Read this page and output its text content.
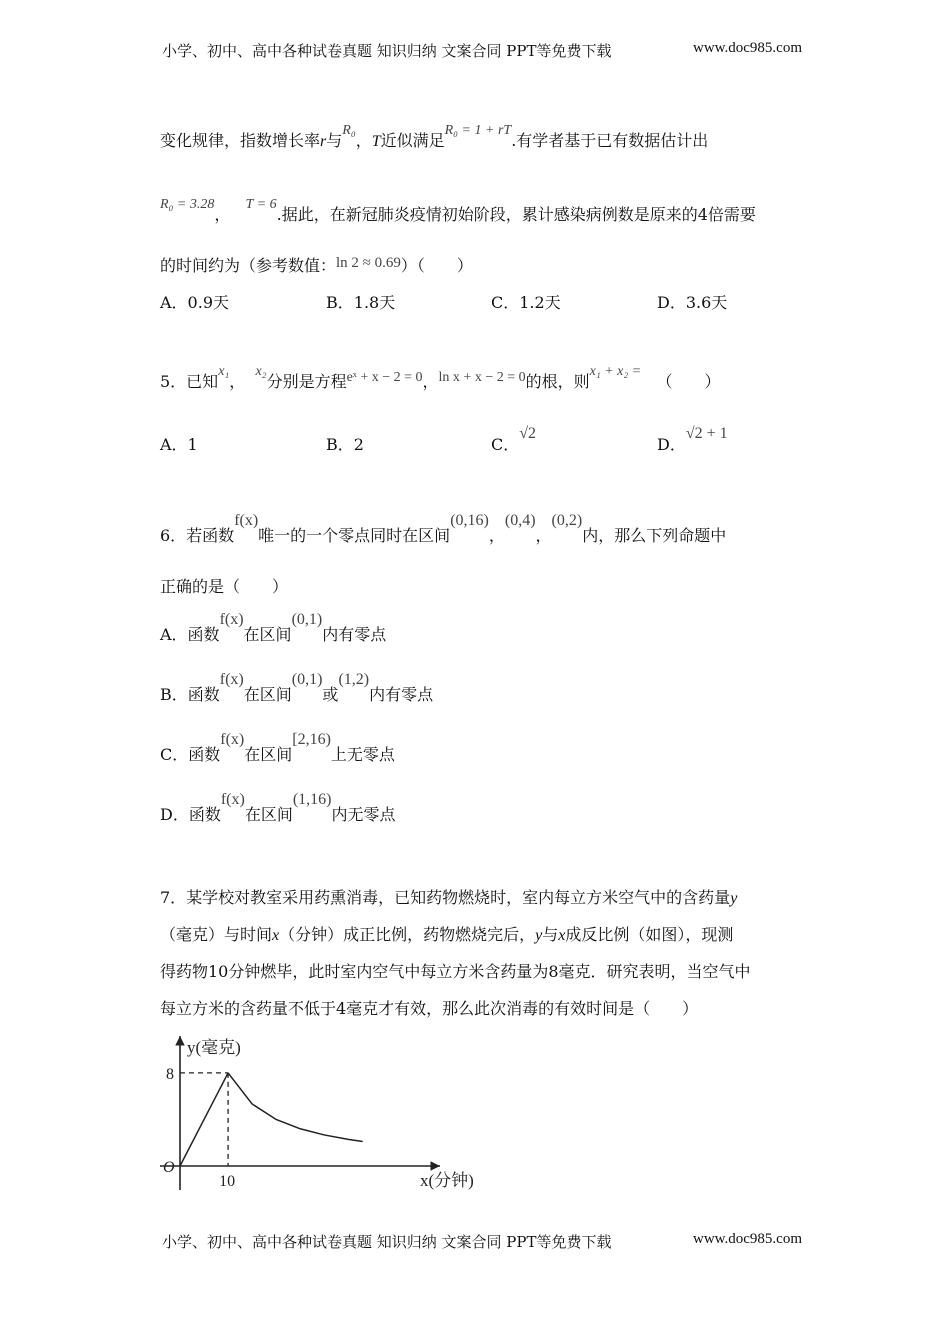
小学、初中、高中各种试卷真题 知识归纳 文案合同 PPT等免费下载	www.doc985.com
变化规律，指数增长率r与R₀，T近似满足R₀ = 1 + rT.有学者基于已有数据估计出
R₀ = 3.28，   T = 6.据此，在新冠肺炎疫情初始阶段，累计感染病例数是原来的4倍需要
的时间约为（参考数值：ln 2 ≈ 0.69）（　　）
A．0.9天	B．1.8天	C．1.2天	D．3.6天
5．已知x₁，  x₂分别是方程eˣ + x − 2 = 0，ln x + x − 2 = 0的根，则x₁ + x₂ =   （　　）
A．1	B．2	C．√2
D．√2 + 1
6．若函数f(x)唯一的一个零点同时在区间(0,16)，(0,4)，(0,2)内，那么下列命题中
正确的是（　　）
A．函数f(x)在区间(0,1)内有零点
B．函数f(x)在区间(0,1)或(1,2)内有零点
C．函数f(x)在区间[2,16)上无零点
D．函数f(x)在区间(1,16)内无零点
7．某学校对教室采用药熏消毒，已知药物燃烧时，室内每立方米空气中的含药量y
（毫克）与时间x（分钟）成正比例，药物燃烧完后，y与x成反比例（如图），现测
得药物10分钟燃毕，此时室内空气中每立方米含药量为8毫克．研究表明，当空气中
每立方米的含药量不低于4毫克才有效，那么此次消毒的有效时间是（　　）
y(毫克)
x(分钟)
O
8
10
小学、初中、高中各种试卷真题 知识归纳 文案合同 PPT等免费下载	www.doc985.com
